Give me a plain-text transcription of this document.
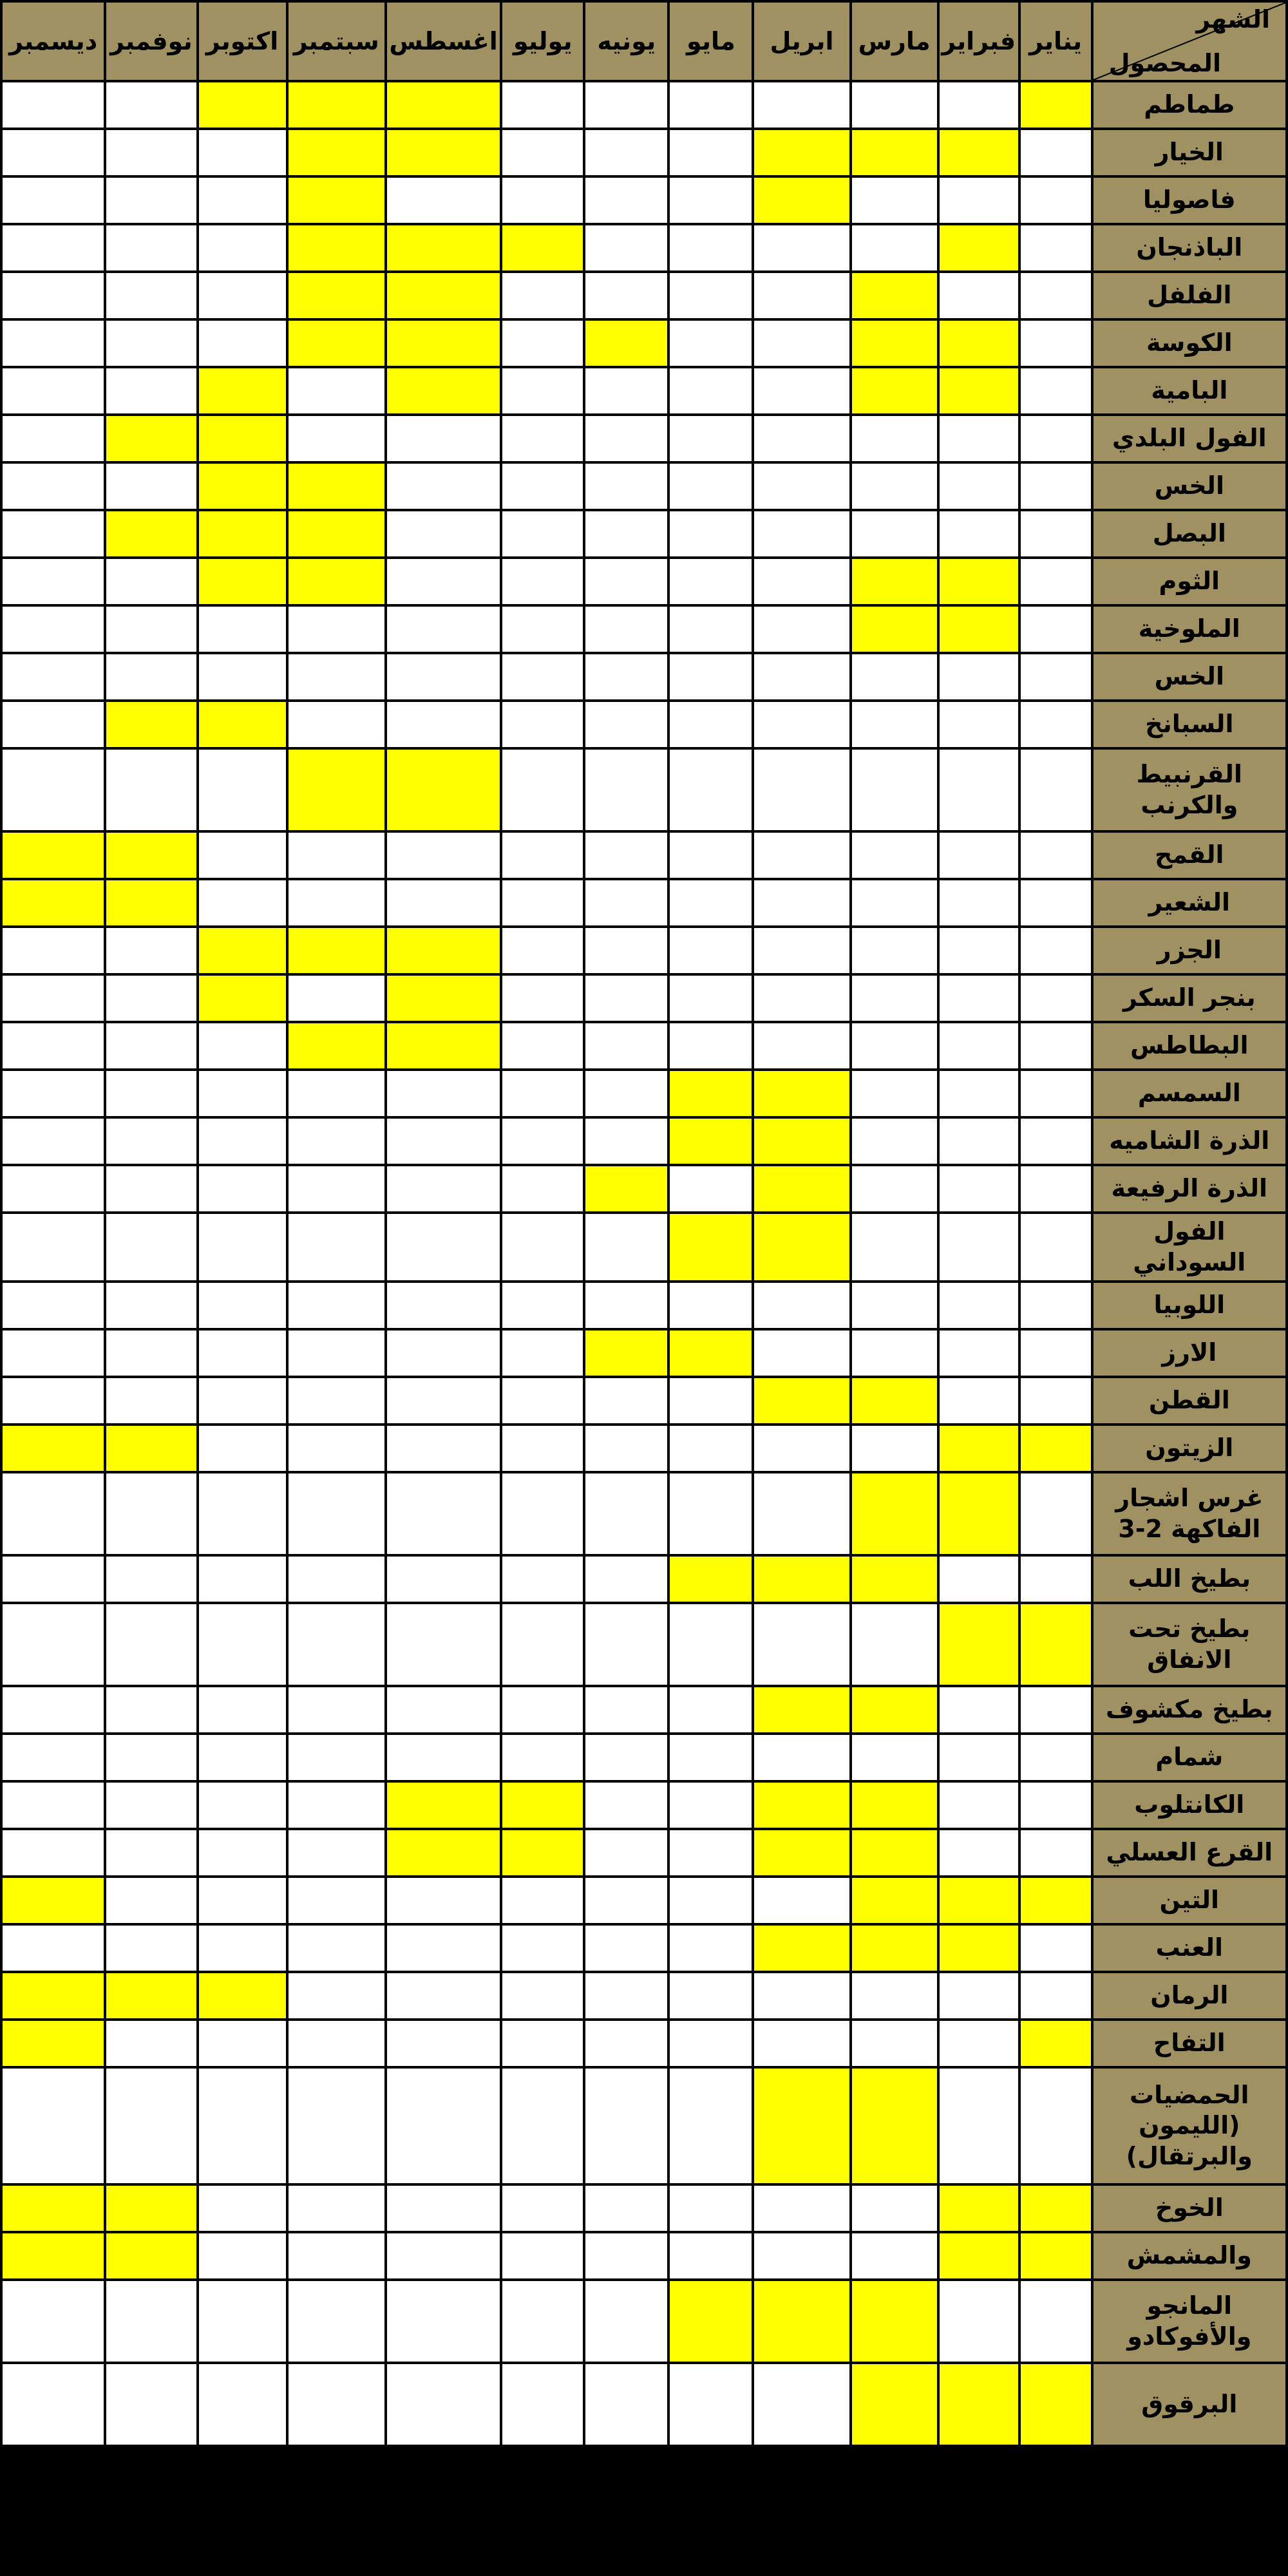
الشهر
المحصول	يناير	فبراير	مارس	ابريل	مايو	يونيه	يوليو	اغسطس	سبتمبر	اكتوبر	نوفمبر	ديسمبر
طماطم												
الخيار												
فاصوليا												
الباذنجان												
الفلفل												
الكوسة												
البامية												
الفول البلدي												
الخس												
البصل												
الثوم												
الملوخية												
الخس												
السبانخ												
القرنبيط والكرنب												
القمح												
الشعير												
الجزر												
بنجر السكر												
البطاطس												
السمسم												
الذرة الشاميه												
الذرة الرفيعة												
الفول السوداني												
اللوبيا												
الارز												
القطن												
الزيتون												
غرس اشجار الفاكهة 2-3												
بطيخ اللب												
بطيخ تحت الانفاق												
بطيخ مكشوف												
شمام												
الكانتلوب												
القرع العسلي												
التين												
العنب												
الرمان												
التفاح												
الحمضيات (الليمون والبرتقال)												
الخوخ												
والمشمش												
المانجو والأفوكادو												
البرقوق												
